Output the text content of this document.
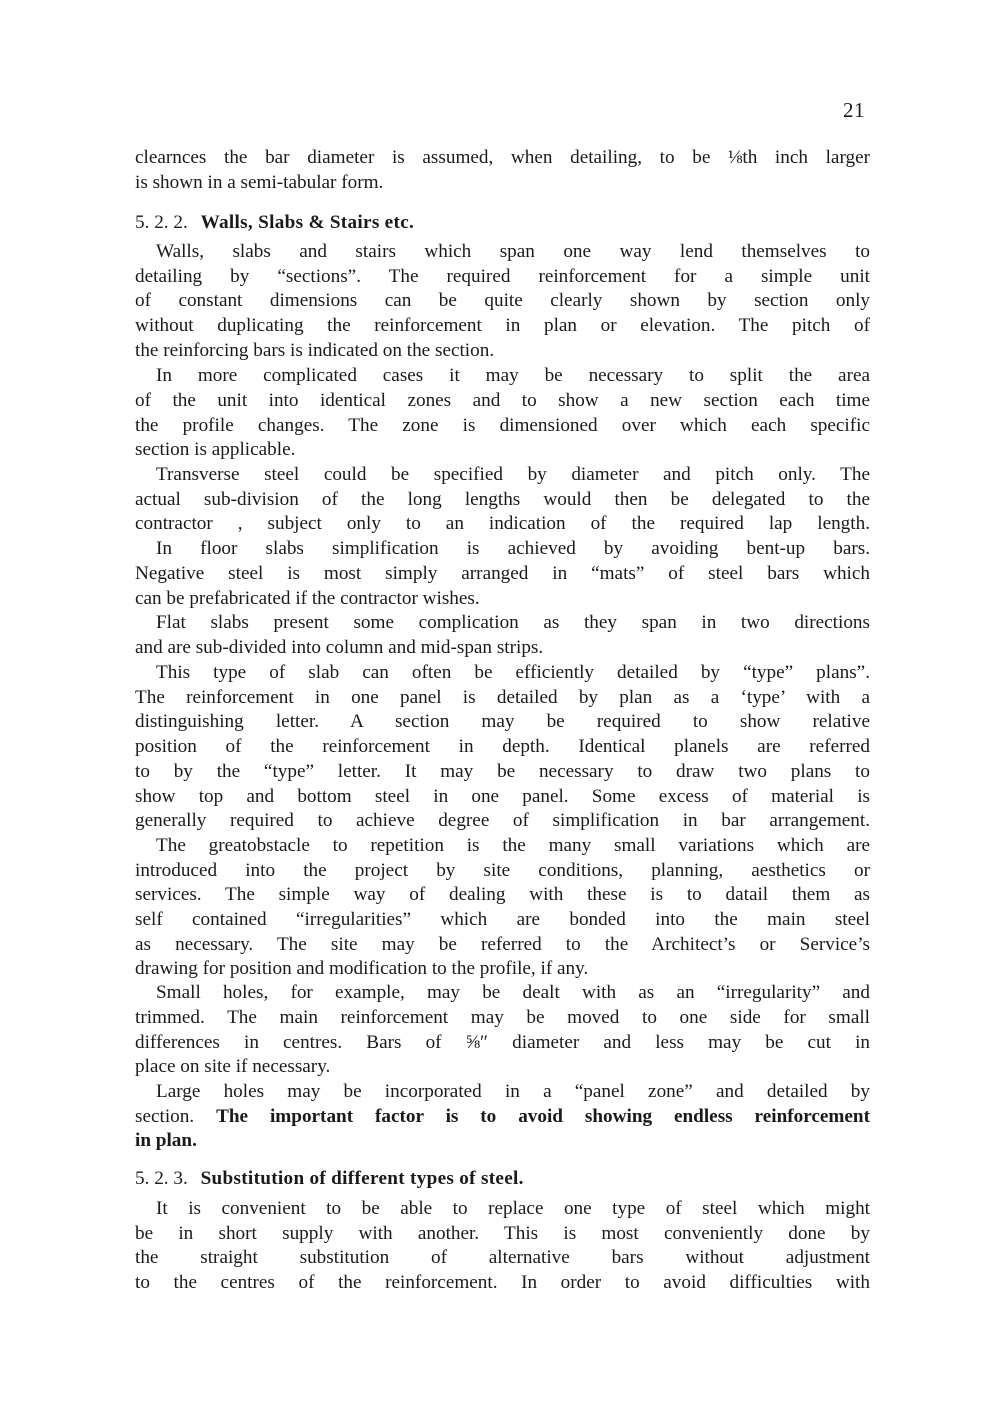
21
clearnces the bar diameter is assumed, when detailing, to be ⅛th inch larger
is shown in a semi-tabular form.
5. 2. 2. Walls, Slabs & Stairs etc.
Walls, slabs and stairs which span one way lend themselves to
detailing by “sections”. The required reinforcement for a simple unit
of constant dimensions can be quite clearly shown by section only
without duplicating the reinforcement in plan or elevation. The pitch of
the reinforcing bars is indicated on the section.
In more complicated cases it may be necessary to split the area
of the unit into identical zones and to show a new section each time
the profile changes. The zone is dimensioned over which each specific
section is applicable.
Transverse steel could be specified by diameter and pitch only. The
actual sub-division of the long lengths would then be delegated to the
contractor , subject only to an indication of the required lap length.
In floor slabs simplification is achieved by avoiding bent-up bars.
Negative steel is most simply arranged in “mats” of steel bars which
can be prefabricated if the contractor wishes.
Flat slabs present some complication as they span in two directions
and are sub-divided into column and mid-span strips.
This type of slab can often be efficiently detailed by “type” plans”.
The reinforcement in one panel is detailed by plan as a ‘type’ with a
distinguishing letter. A section may be required to show relative
position of the reinforcement in depth. Identical planels are referred
to by the “type” letter. It may be necessary to draw two plans to
show top and bottom steel in one panel. Some excess of material is
generally required to achieve degree of simplification in bar arrangement.
The greatobstacle to repetition is the many small variations which are
introduced into the project by site conditions, planning, aesthetics or
services. The simple way of dealing with these is to datail them as
self contained “irregularities” which are bonded into the main steel
as necessary. The site may be referred to the Architect’s or Service’s
drawing for position and modification to the profile, if any.
Small holes, for example, may be dealt with as an “irregularity” and
trimmed. The main reinforcement may be moved to one side for small
differences in centres. Bars of ⅝″ diameter and less may be cut in
place on site if necessary.
Large holes may be incorporated in a “panel zone” and detailed by
section. The important factor is to avoid showing endless reinforcement
in plan.
5. 2. 3. Substitution of different types of steel.
It is convenient to be able to replace one type of steel which might
be in short supply with another. This is most conveniently done by
the straight substitution of alternative bars without adjustment
to the centres of the reinforcement. In order to avoid difficulties with
